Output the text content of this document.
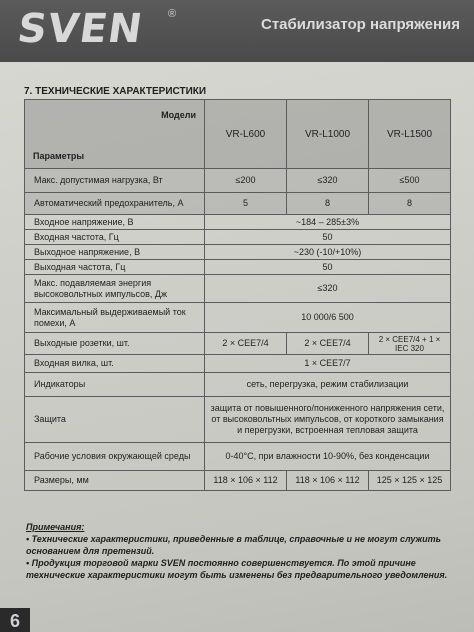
SVEN ®
Стабилизатор напряжения
7. ТЕХНИЧЕСКИЕ ХАРАКТЕРИСТИКИ
Модели
Параметры	VR-L600	VR-L1000	VR-L1500
Макс. допустимая нагрузка, Вт	≤200	≤320	≤500
Автоматический предохранитель, А	5	8	8
Входное напряжение, В	~184 – 285±3%		
Входная частота, Гц	50		
Выходное напряжение, В	~230 (-10/+10%)		
Выходная частота, Гц	50		
Макс. подавляемая энергия высоковольтных импульсов, Дж	≤320		
Максимальный выдерживаемый ток помехи, А	10 000/6 500		
Выходные розетки, шт.	2 × CEE7/4	2 × CEE7/4	2 × CEE7/4 + 1 × IEC 320
Входная вилка, шт.	1 × CEE7/7		
Индикаторы	сеть, перегрузка, режим стабилизации		
Защита	защита от повышенного/пониженного напряжения сети, от высоковольтных импульсов, от короткого замыкания и перегрузки, встроенная тепловая защита		
Рабочие условия окружающей среды	0-40°C, при влажности 10-90%, без конденсации		
Размеры, мм	118 × 106 × 112	118 × 106 × 112	125 × 125 × 125
Примечания:
• Технические характеристики, приведенные в таблице, справочные и не могут служить основанием для претензий.
• Продукция торговой марки SVEN постоянно совершенствуется. По этой причине технические характеристики могут быть изменены без предварительного уведомления.
6
